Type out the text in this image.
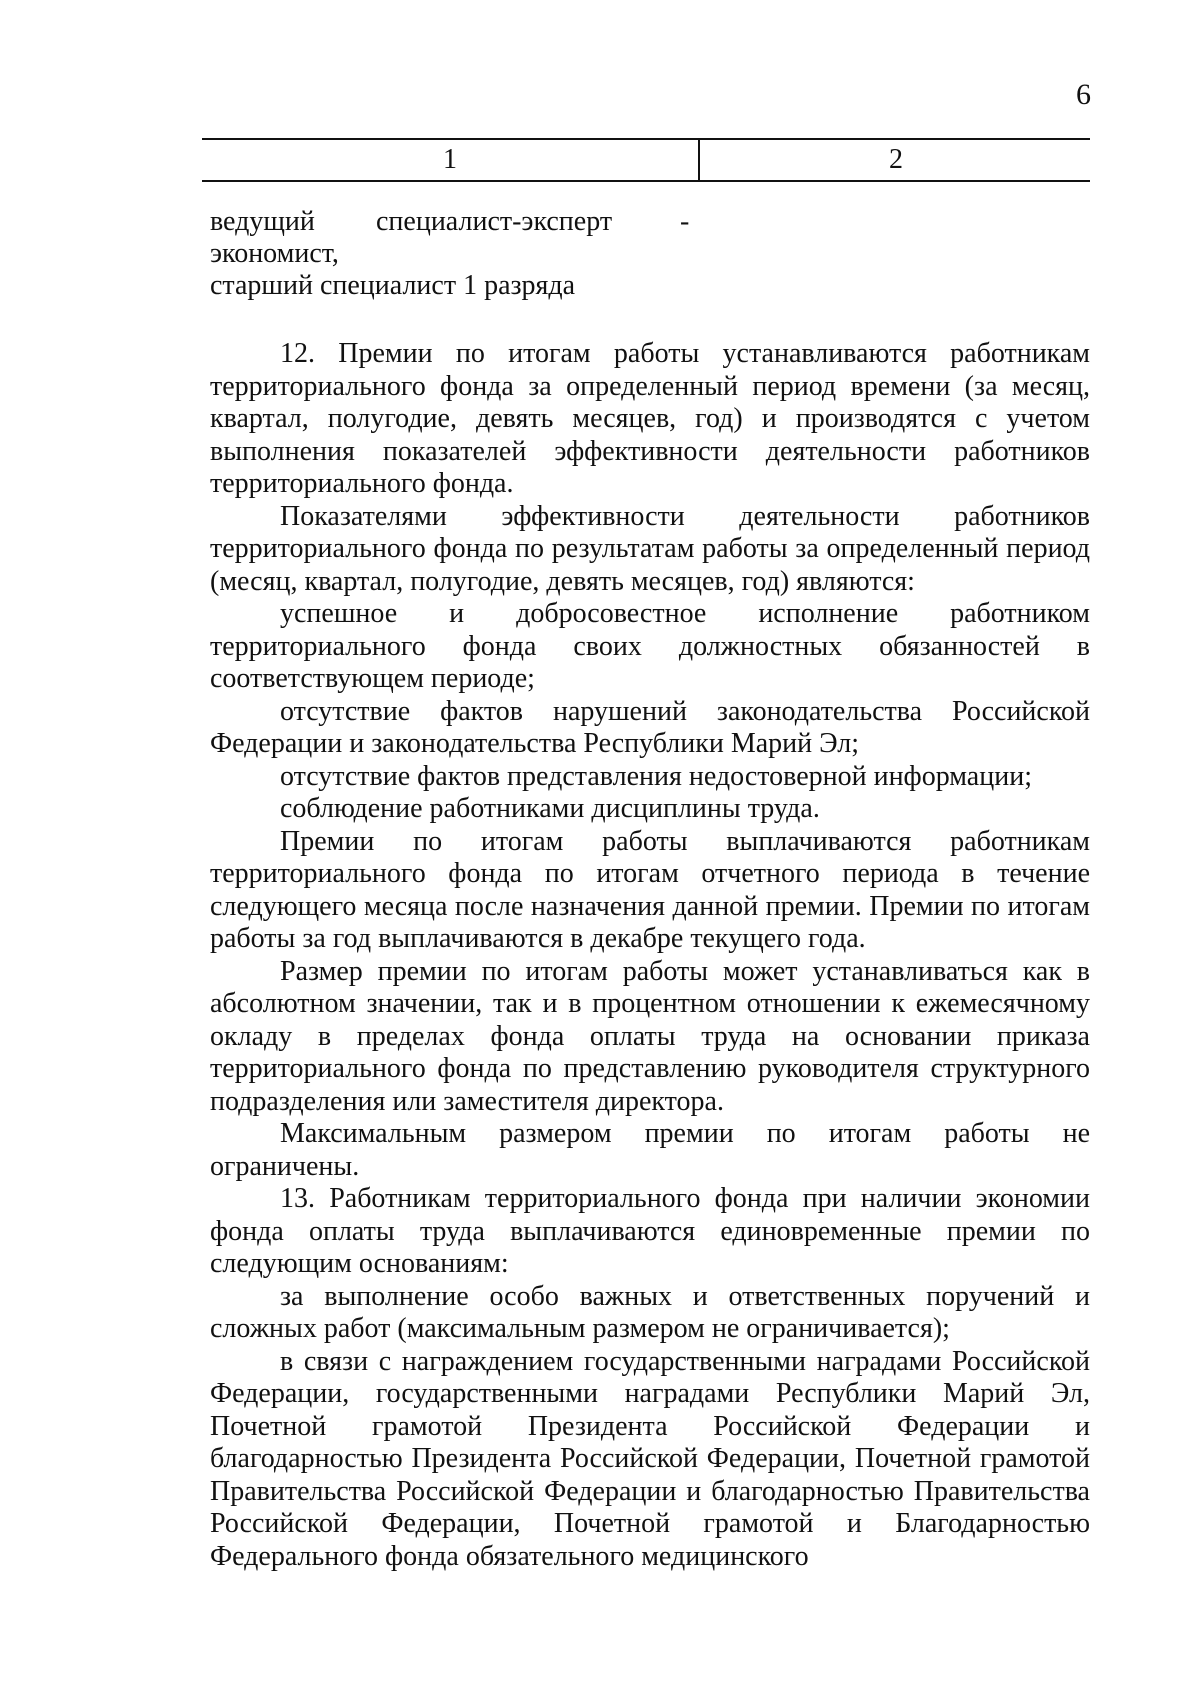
6
1	2
ведущий специалист-эксперт -
экономист,
старший специалист 1 разряда

12. Премии по итогам работы устанавливаются работникам территориального фонда за определенный период времени (за месяц, квартал, полугодие, девять месяцев, год) и производятся с учетом выполнения показателей эффективности деятельности работников территориального фонда.

Показателями эффективности деятельности работников территориального фонда по результатам работы за определенный период (месяц, квартал, полугодие, девять месяцев, год) являются:

успешное и добросовестное исполнение работником территориального фонда своих должностных обязанностей в соответствующем периоде;

отсутствие фактов нарушений законодательства Российской Федерации и законодательства Республики Марий Эл;

отсутствие фактов представления недостоверной информации;

соблюдение работниками дисциплины труда.

Премии по итогам работы выплачиваются работникам территориального фонда по итогам отчетного периода в течение следующего месяца после назначения данной премии. Премии по итогам работы за год выплачиваются в декабре текущего года.

Размер премии по итогам работы может устанавливаться как в абсолютном значении, так и в процентном отношении к ежемесячному окладу в пределах фонда оплаты труда на основании приказа территориального фонда по представлению руководителя структурного подразделения или заместителя директора.

Максимальным размером премии по итогам работы не ограничены.

13. Работникам территориального фонда при наличии экономии фонда оплаты труда выплачиваются единовременные премии по следующим основаниям:

за выполнение особо важных и ответственных поручений и сложных работ (максимальным размером не ограничивается);

в связи с награждением государственными наградами Российской Федерации, государственными наградами Республики Марий Эл, Почетной грамотой Президента Российской Федерации и благодарностью Президента Российской Федерации, Почетной грамотой Правительства Российской Федерации и благодарностью Правительства Российской Федерации, Почетной грамотой и Благодарностью Федерального фонда обязательного медицинского
